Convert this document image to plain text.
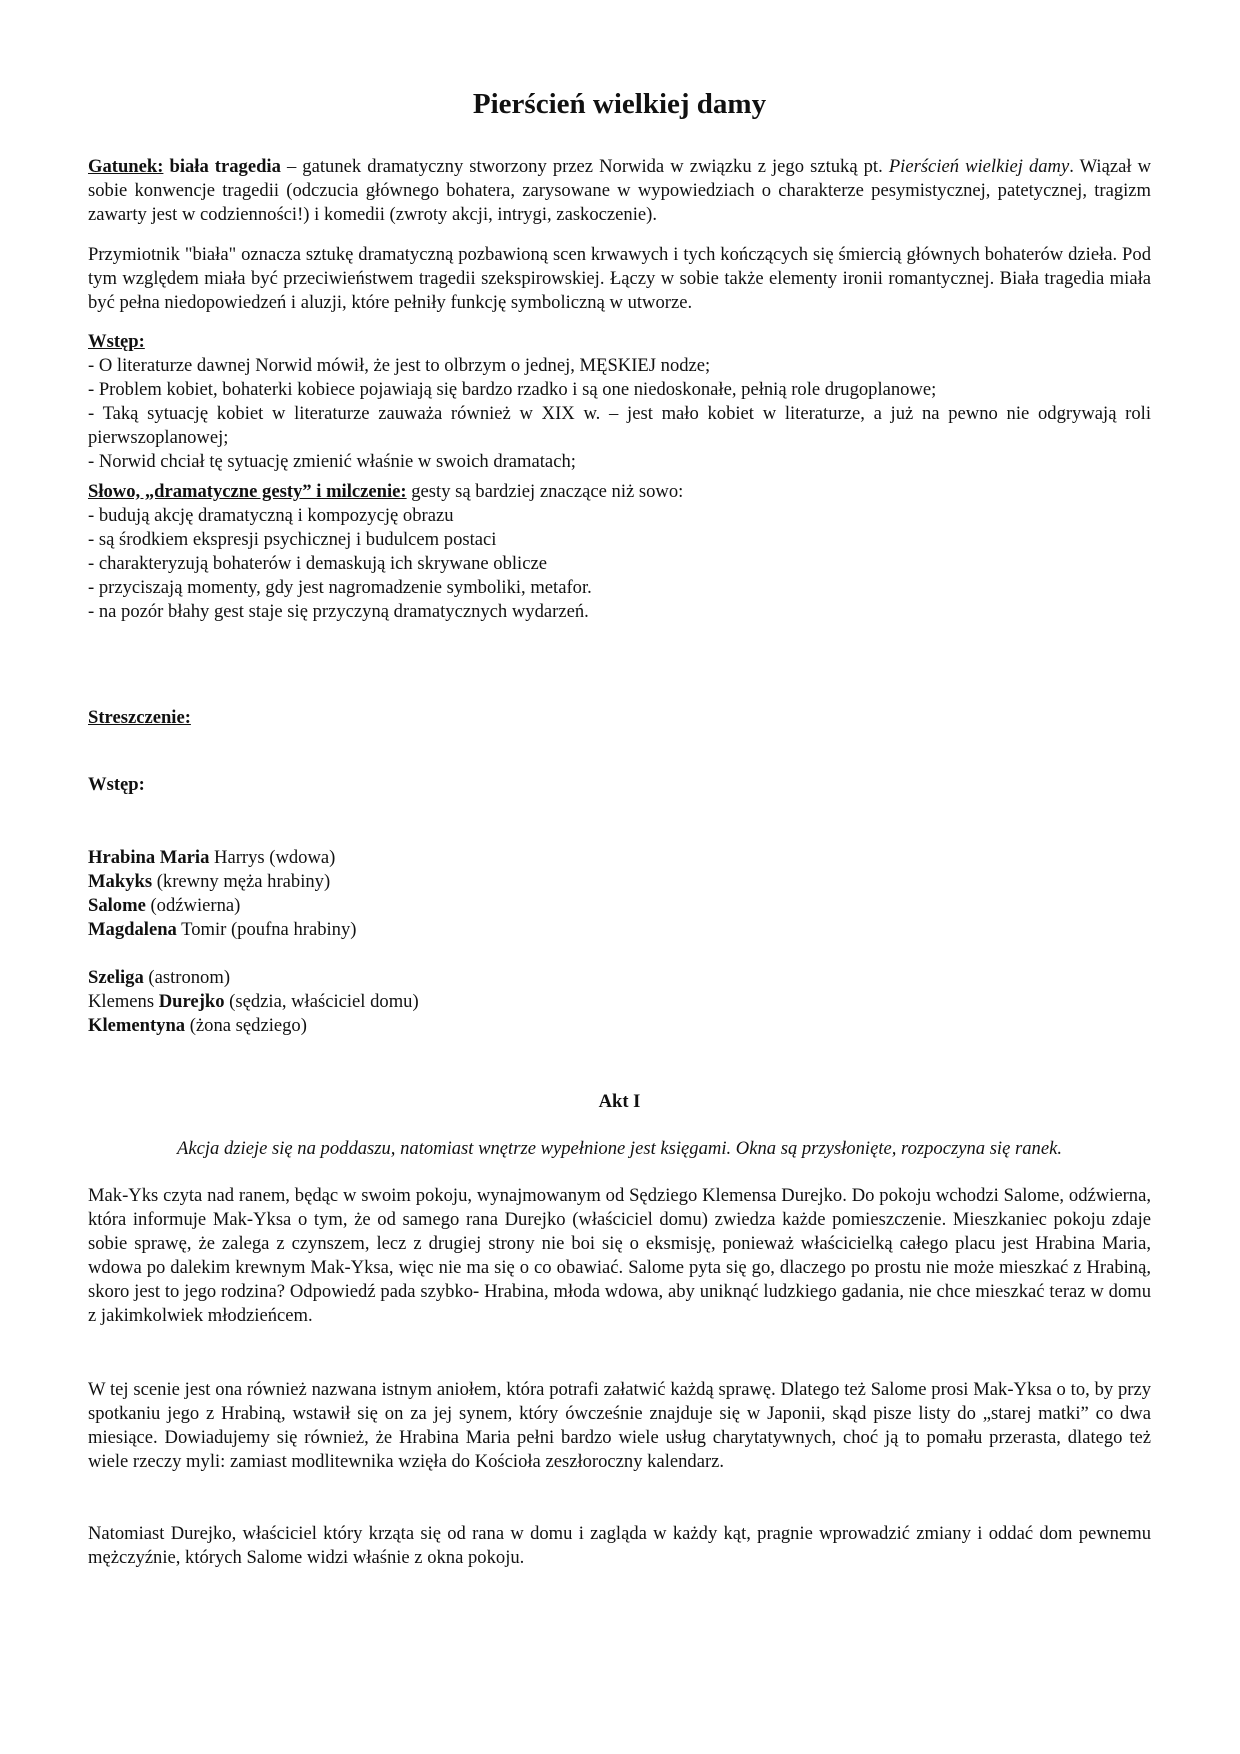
Pierścień wielkiej damy

Gatunek: biała tragedia – gatunek dramatyczny stworzony przez Norwida w związku z jego sztuką pt. Pierścień wielkiej damy. Wiązał w sobie konwencje tragedii (odczucia głównego bohatera, zarysowane w wypowiedziach o charakterze pesymistycznej, patetycznej, tragizm zawarty jest w codzienności!) i komedii (zwroty akcji, intrygi, zaskoczenie).

Przymiotnik "biała" oznacza sztukę dramatyczną pozbawioną scen krwawych i tych kończących się śmiercią głównych bohaterów dzieła. Pod tym względem miała być przeciwieństwem tragedii szekspirowskiej. Łączy w sobie także elementy ironii romantycznej. Biała tragedia miała być pełna niedopowiedzeń i aluzji, które pełniły funkcję symboliczną w utworze.

Wstęp:
- O literaturze dawnej Norwid mówił, że jest to olbrzym o jednej, MĘSKIEJ nodze;
- Problem kobiet, bohaterki kobiece pojawiają się bardzo rzadko i są one niedoskonałe, pełnią role drugoplanowe;
- Taką sytuację kobiet w literaturze zauważa również w XIX w. – jest mało kobiet w literaturze, a już na pewno nie odgrywają roli pierwszoplanowej;
- Norwid chciał tę sytuację zmienić właśnie w swoich dramatach;
Słowo, „dramatyczne gesty” i milczenie: gesty są bardziej znaczące niż sowo:
- budują akcję dramatyczną i kompozycję obrazu
- są środkiem ekspresji psychicznej i budulcem postaci
- charakteryzują bohaterów i demaskują ich skrywane oblicze
- przyciszają momenty, gdy jest nagromadzenie symboliki, metafor.
- na pozór błahy gest staje się przyczyną dramatycznych wydarzeń.
Streszczenie:
Wstęp:
Hrabina Maria Harrys (wdowa)
Makyks (krewny męża hrabiny)
Salome (odźwierna)
Magdalena Tomir (poufna hrabiny)
Szeliga (astronom)
Klemens Durejko (sędzia, właściciel domu)
Klementyna (żona sędziego)
Akt I
Akcja dzieje się na poddaszu, natomiast wnętrze wypełnione jest księgami. Okna są przysłonięte, rozpoczyna się ranek.

Mak-Yks czyta nad ranem, będąc w swoim pokoju, wynajmowanym od Sędziego Klemensa Durejko. Do pokoju wchodzi Salome, odźwierna, która informuje Mak-Yksa o tym, że od samego rana Durejko (właściciel domu) zwiedza każde pomieszczenie. Mieszkaniec pokoju zdaje sobie sprawę, że zalega z czynszem, lecz z drugiej strony nie boi się o eksmisję, ponieważ właścicielką całego placu jest Hrabina Maria, wdowa po dalekim krewnym Mak-Yksa, więc nie ma się o co obawiać. Salome pyta się go, dlaczego po prostu nie może mieszkać z Hrabiną, skoro jest to jego rodzina? Odpowiedź pada szybko- Hrabina, młoda wdowa, aby uniknąć ludzkiego gadania, nie chce mieszkać teraz w domu z jakimkolwiek młodzieńcem.

W tej scenie jest ona również nazwana istnym aniołem, która potrafi załatwić każdą sprawę. Dlatego też Salome prosi Mak-Yksa o to, by przy spotkaniu jego z Hrabiną, wstawił się on za jej synem, który ówcześnie znajduje się w Japonii, skąd pisze listy do „starej matki” co dwa miesiące. Dowiadujemy się również, że Hrabina Maria pełni bardzo wiele usług charytatywnych, choć ją to pomału przerasta, dlatego też wiele rzeczy myli: zamiast modlitewnika wzięła do Kościoła zeszłoroczny kalendarz.

Natomiast Durejko, właściciel który krząta się od rana w domu i zagląda w każdy kąt, pragnie wprowadzić zmiany i oddać dom pewnemu mężczyźnie, których Salome widzi właśnie z okna pokoju.
